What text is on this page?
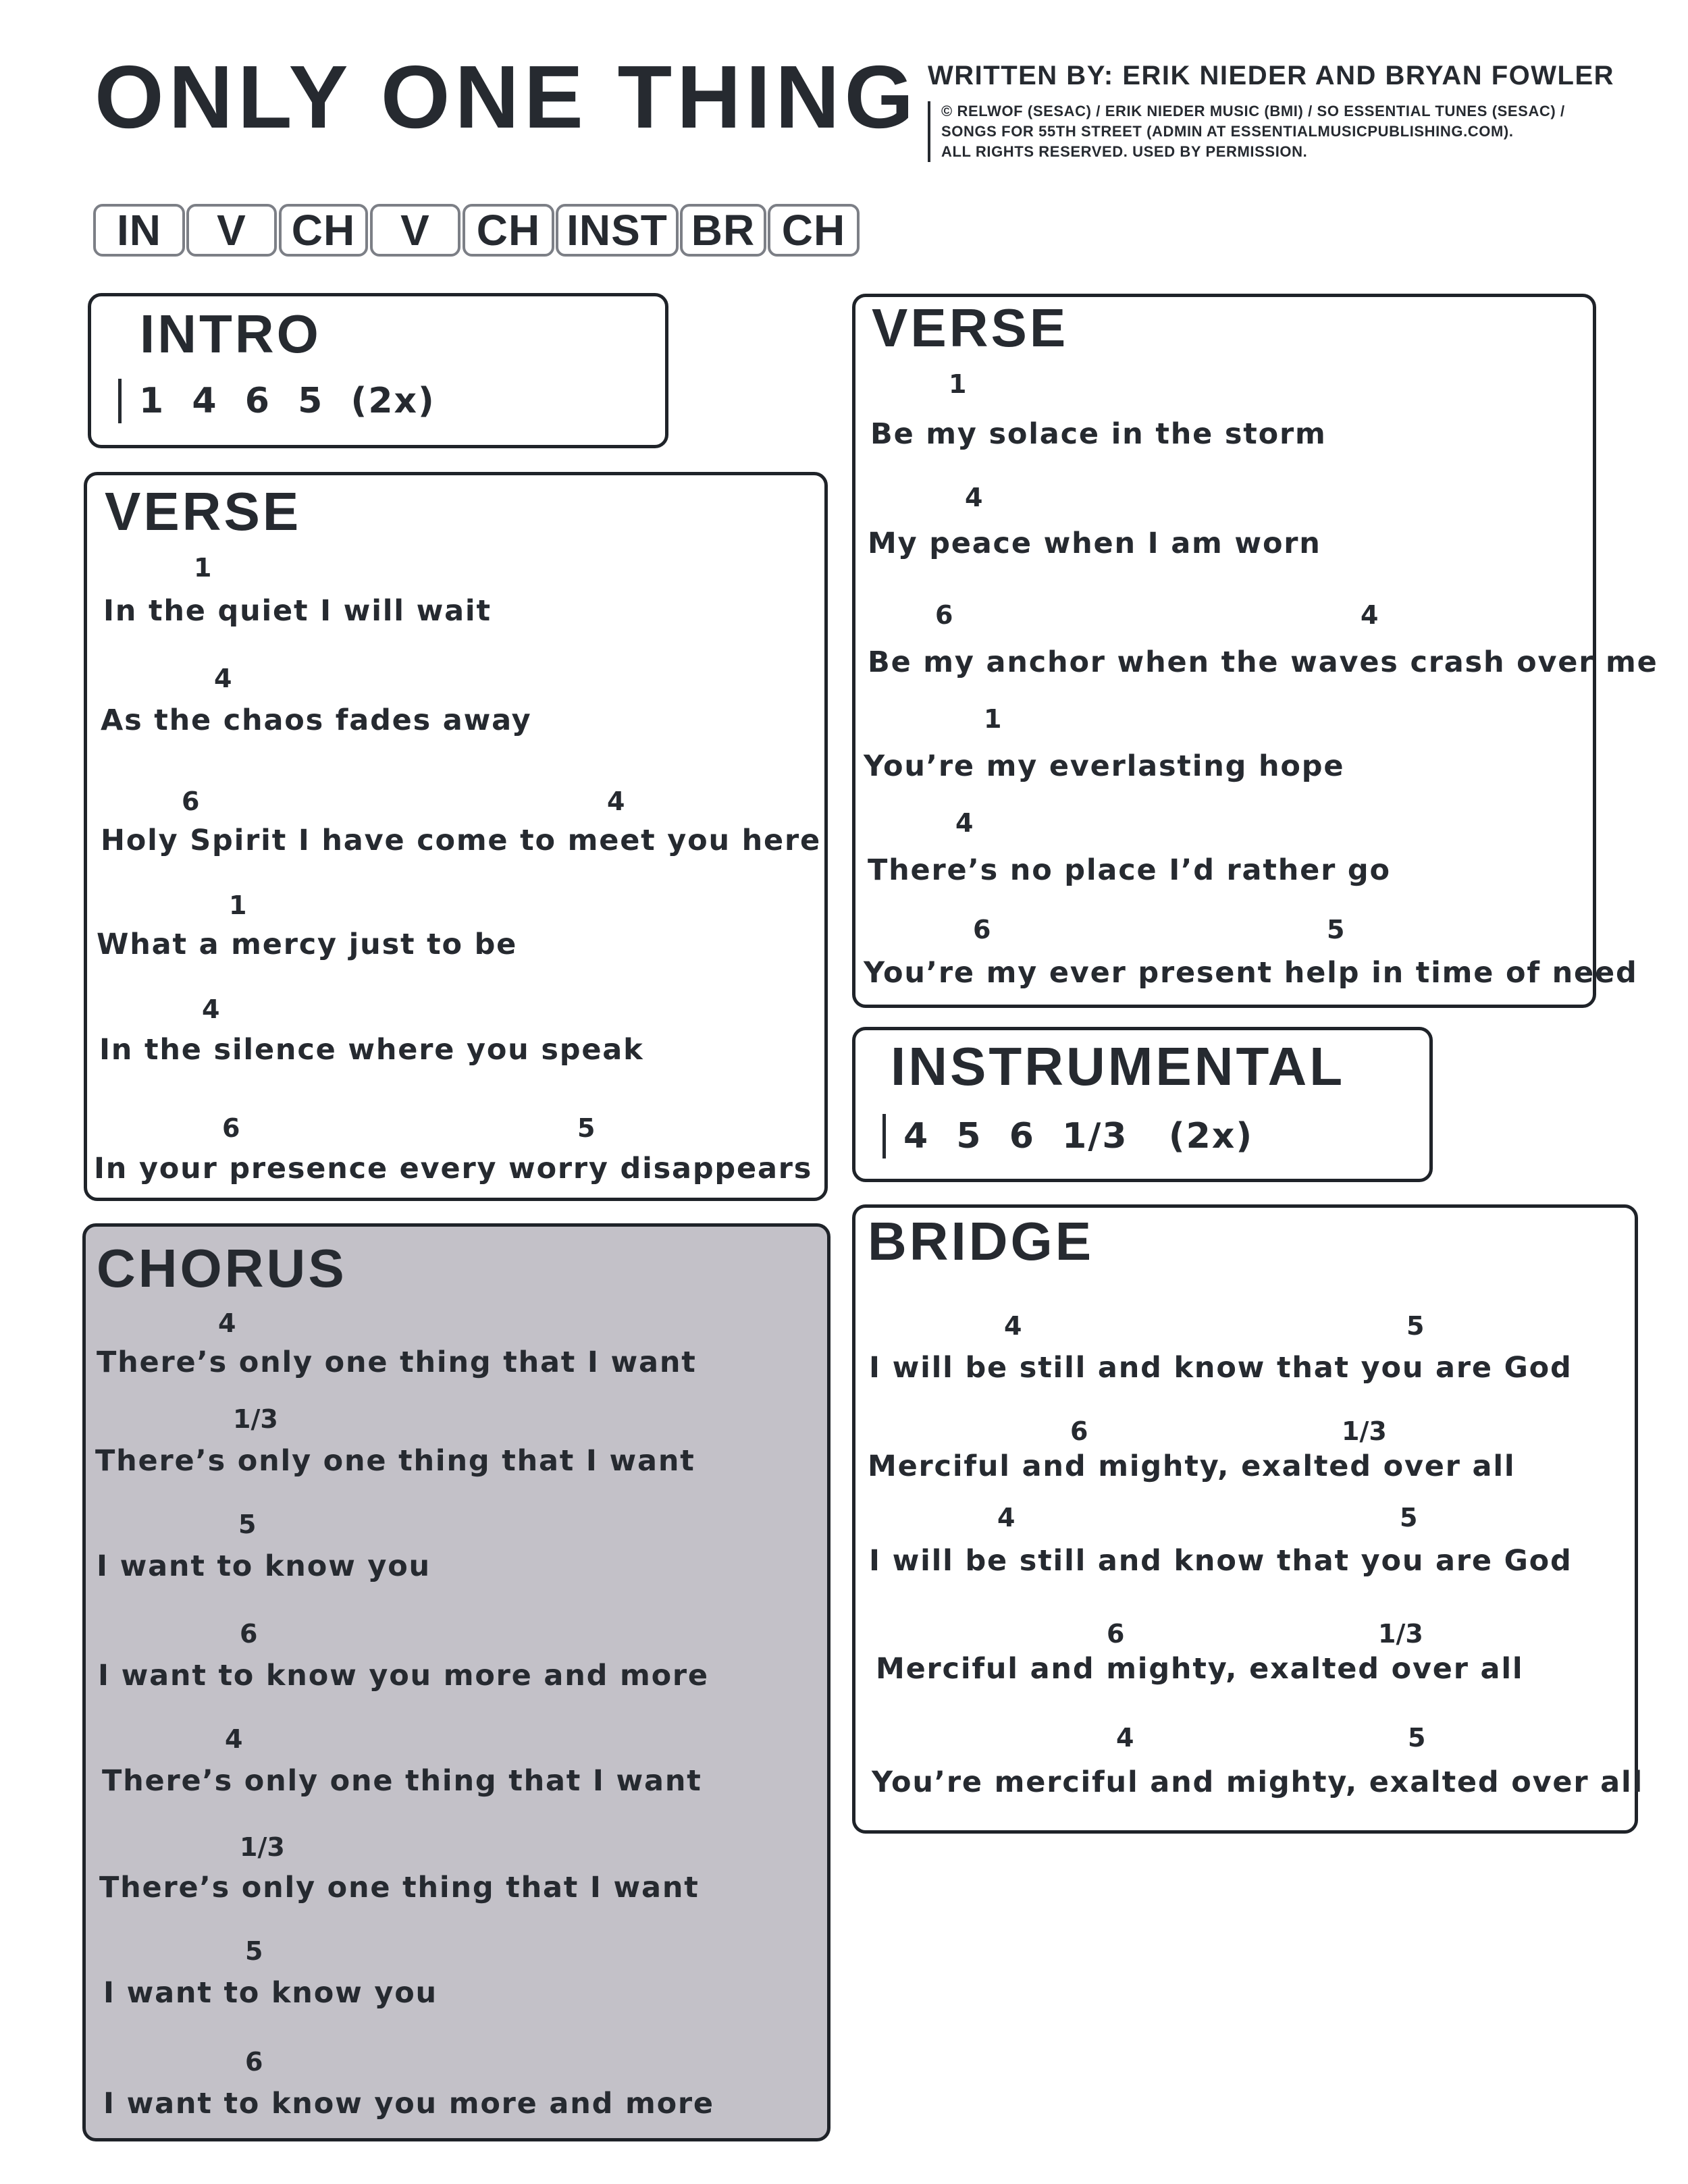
ONLY ONE THING WRITTEN BY: ERIK NIEDER AND BRYAN FOWLER
© RELWOF (SESAC) / ERIK NIEDER MUSIC (BMI) / SO ESSENTIAL TUNES (SESAC) /
SONGS FOR 55TH STREET (ADMIN AT ESSENTIALMUSICPUBLISHING.COM).
ALL RIGHTS RESERVED. USED BY PERMISSION.
IN	V	CH	V	CH INST BR CH
INTRO
1  4  6  5  (2x)
VERSE
1
In the quiet I will wait
4
As the chaos fades away
6	4
Holy Spirit I have come to meet you here
1
What a mercy just to be
4
In the silence where you speak
6	5
In your presence every worry disappears
CHORUS
4
There’s only one thing that I want
1/3
There’s only one thing that I want
5
I want to know you
6
I want to know you more and more
4
There’s only one thing that I want
1/3
There’s only one thing that I want
5
I want to know you
6
I want to know you more and more
VERSE
1
Be my solace in the storm
4
My peace when I am worn
6	4
Be my anchor when the waves crash over me
1
You’re my everlasting hope
4
There’s no place I’d rather go
6	5
You’re my ever present help in time of need
INSTRUMENTAL
4  5  6  1/3   (2x)
BRIDGE
4	5
I will be still and know that you are God
6	1/3
Merciful and mighty, exalted over all
4	5
I will be still and know that you are God
6	1/3
Merciful and mighty, exalted over all
4	5
You’re merciful and mighty, exalted over all
